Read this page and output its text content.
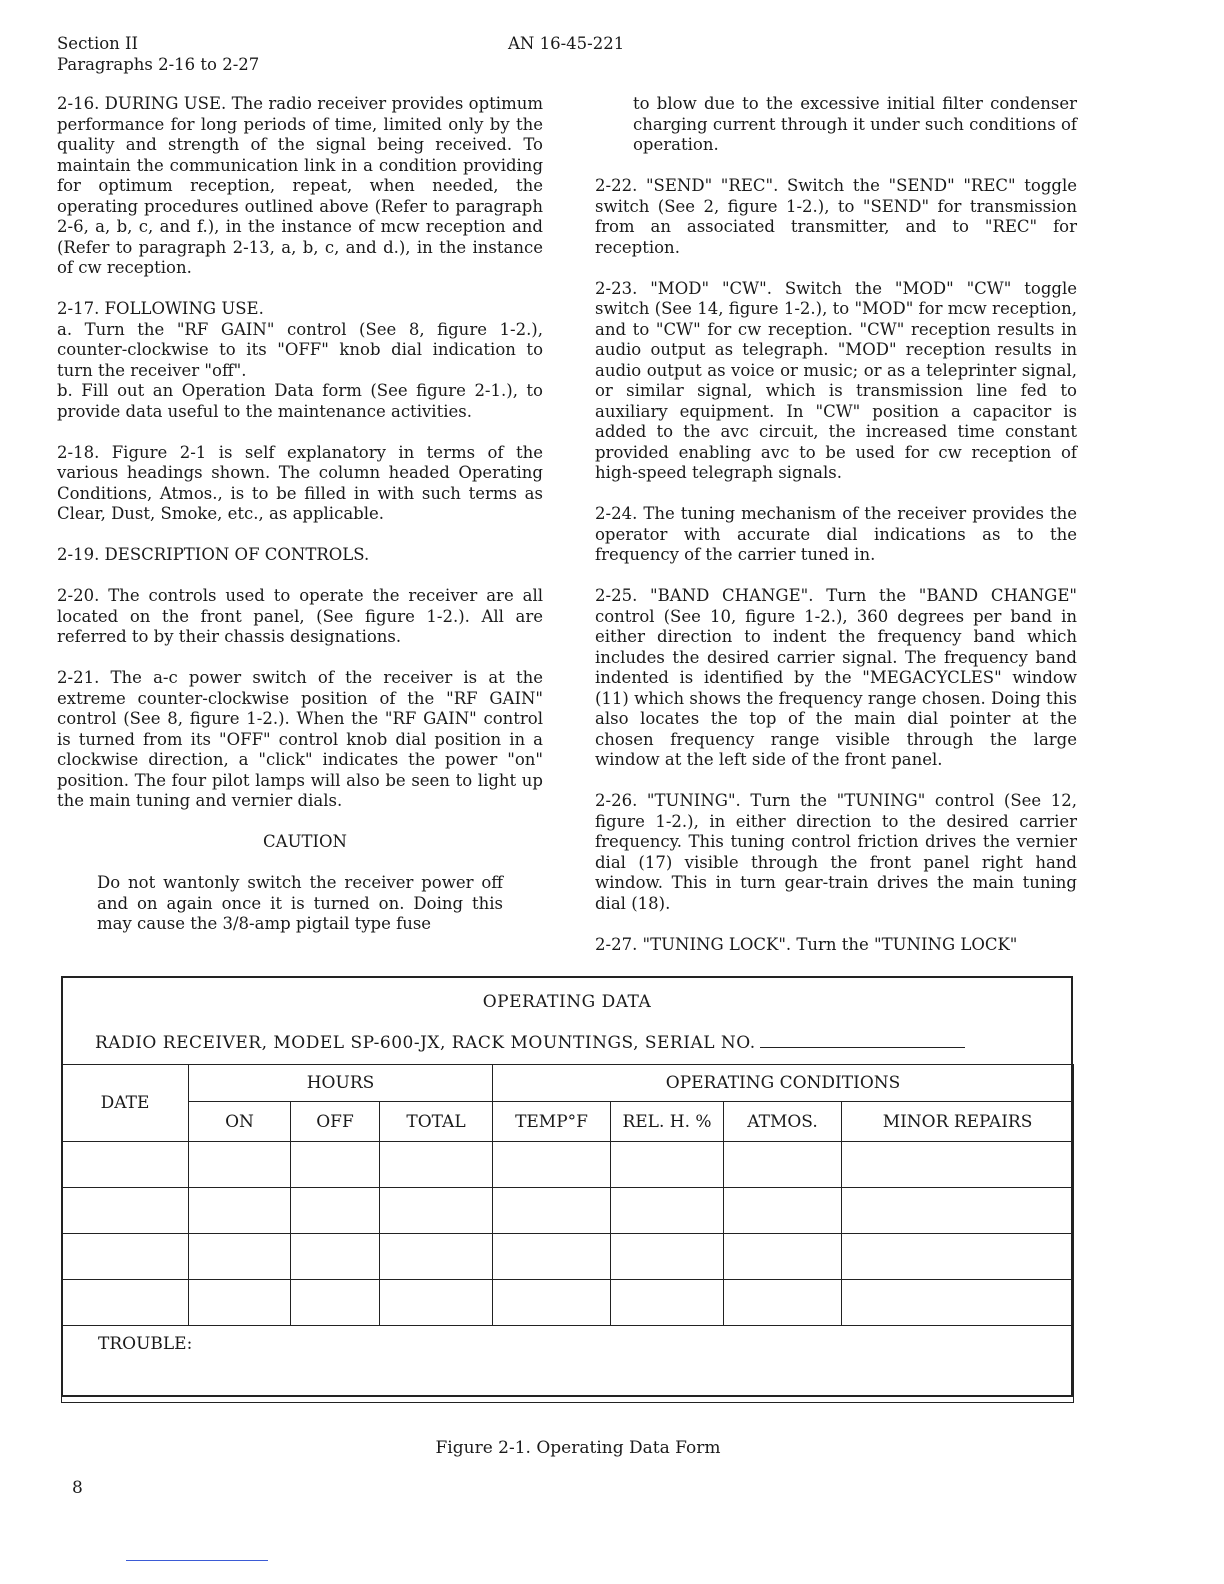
Section II
Paragraphs 2-16 to 2-27
AN 16-45-221

2-16. DURING USE. The radio receiver provides optimum performance for long periods of time, limited only by the quality and strength of the signal being received. To maintain the communication link in a condition providing for optimum reception, repeat, when needed, the operating procedures outlined above (Refer to paragraph 2-6, a, b, c, and f.), in the instance of mcw reception and (Refer to paragraph 2-13, a, b, c, and d.), in the instance of cw reception.

2-17. FOLLOWING USE.

a. Turn the "RF GAIN" control (See 8, figure 1-2.), counter-clockwise to its "OFF" knob dial indication to turn the receiver "off".

b. Fill out an Operation Data form (See figure 2-1.), to provide data useful to the maintenance activities.

2-18. Figure 2-1 is self explanatory in terms of the various headings shown. The column headed Operating Conditions, Atmos., is to be filled in with such terms as Clear, Dust, Smoke, etc., as applicable.

2-19. DESCRIPTION OF CONTROLS.

2-20. The controls used to operate the receiver are all located on the front panel, (See figure 1-2.). All are referred to by their chassis designations.

2-21. The a-c power switch of the receiver is at the extreme counter-clockwise position of the "RF GAIN" control (See 8, figure 1-2.). When the "RF GAIN" control is turned from its "OFF" control knob dial position in a clockwise direction, a "click" indicates the power "on" position. The four pilot lamps will also be seen to light up the main tuning and vernier dials.

CAUTION

Do not wantonly switch the receiver power off and on again once it is turned on. Doing this may cause the 3/8-amp pigtail type fuse

to blow due to the excessive initial filter condenser charging current through it under such conditions of operation.

2-22. "SEND" "REC". Switch the "SEND" "REC" toggle switch (See 2, figure 1-2.), to "SEND" for transmission from an associated transmitter, and to "REC" for reception.

2-23. "MOD" "CW". Switch the "MOD" "CW" toggle switch (See 14, figure 1-2.), to "MOD" for mcw reception, and to "CW" for cw reception. "CW" reception results in audio output as telegraph. "MOD" reception results in audio output as voice or music; or as a teleprinter signal, or similar signal, which is transmission line fed to auxiliary equipment. In "CW" position a capacitor is added to the avc circuit, the increased time constant provided enabling avc to be used for cw reception of high-speed telegraph signals.

2-24. The tuning mechanism of the receiver provides the operator with accurate dial indications as to the frequency of the carrier tuned in.

2-25. "BAND CHANGE". Turn the "BAND CHANGE" control (See 10, figure 1-2.), 360 degrees per band in either direction to indent the frequency band which includes the desired carrier signal. The frequency band indented is identified by the "MEGACYCLES" window (11) which shows the frequency range chosen. Doing this also locates the top of the main dial pointer at the chosen frequency range visible through the large window at the left side of the front panel.

2-26. "TUNING". Turn the "TUNING" control (See 12, figure 1-2.), in either direction to the desired carrier frequency. This tuning control friction drives the vernier dial (17) visible through the front panel right hand window. This in turn gear-train drives the main tuning dial (18).

2-27. "TUNING LOCK". Turn the "TUNING LOCK"

OPERATING DATA
RADIO RECEIVER, MODEL SP-600-JX, RACK MOUNTINGS, SERIAL NO.
DATE	HOURS			OPERATING CONDITIONS			
	ON	OFF	TOTAL	TEMP°F	REL. H. %	ATMOS.	MINOR REPAIRS

TROUBLE:							
Figure 2-1. Operating Data Form
8
